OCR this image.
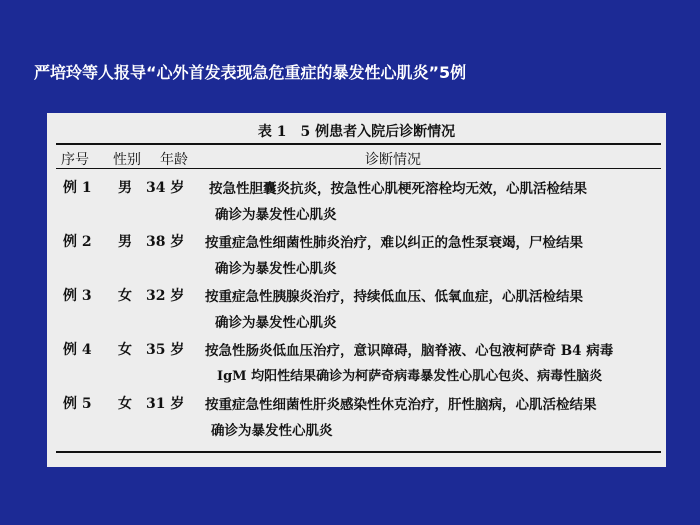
严培玲等人报导“心外首发表现急危重症的暴发性心肌炎”5例
表 1　5 例患者入院后诊断情况
序号 性别 年龄	诊断情况
例 1 男 34 岁 按急性胆囊炎抗炎，按急性心肌梗死溶栓均无效，心肌活检结果
确诊为暴发性心肌炎
例 2 男 38 岁 按重症急性细菌性肺炎治疗，难以纠正的急性泵衰竭，尸检结果
确诊为暴发性心肌炎
例 3 女 32 岁 按重症急性胰腺炎治疗，持续低血压、低氧血症，心肌活检结果
确诊为暴发性心肌炎
例 4 女 35 岁 按急性肠炎低血压治疗，意识障碍，脑脊液、心包液柯萨奇 B4 病毒
IgM 均阳性结果确诊为柯萨奇病毒暴发性心肌心包炎、病毒性脑炎
例 5 女 31 岁 按重症急性细菌性肝炎感染性休克治疗，肝性脑病，心肌活检结果
确诊为暴发性心肌炎
